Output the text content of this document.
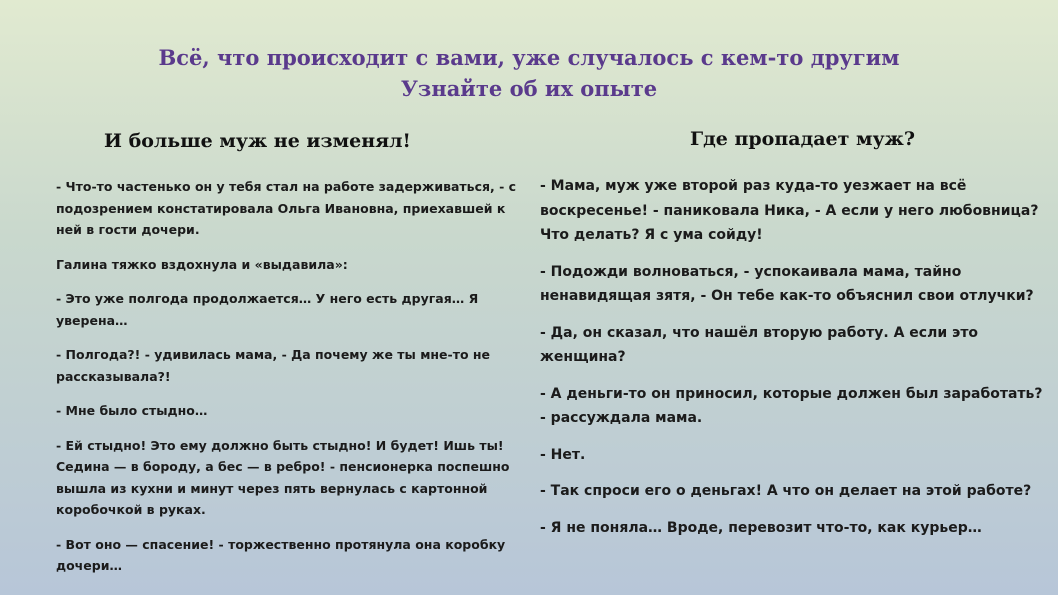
Всё, что происходит с вами, уже случалось с кем-то другим
Узнайте об их опыте
И больше муж не изменял!

- Что-то частенько он у тебя стал на работе задерживаться, - с подозрением констатировала Ольга Ивановна, приехавшей к ней в гости дочери.

Галина тяжко вздохнула и «выдавила»:

- Это уже полгода продолжается… У него есть другая… Я уверена…

- Полгода?! - удивилась мама, - Да почему же ты мне-то не рассказывала?!

- Мне было стыдно…

- Ей стыдно! Это ему должно быть стыдно! И будет! Ишь ты! Седина — в бороду, а бес — в ребро! - пенсионерка поспешно вышла из кухни и минут через пять вернулась с картонной коробочкой в руках.

- Вот оно — спасение! - торжественно протянула она коробку дочери…

Где пропадает муж?

- Мама, муж уже второй раз куда-то уезжает на всё воскресенье! - паниковала Ника, - А если у него любовница? Что делать? Я с ума сойду!

- Подожди волноваться, - успокаивала мама, тайно ненавидящая зятя, - Он тебе как-то объяснил свои отлучки?

- Да, он сказал, что нашёл вторую работу. А если это женщина?

- А деньги-то он приносил, которые должен был заработать? - рассуждала мама.

- Нет.

- Так спроси его о деньгах! А что он делает на этой работе?

- Я не поняла… Вроде, перевозит что-то, как курьер…
